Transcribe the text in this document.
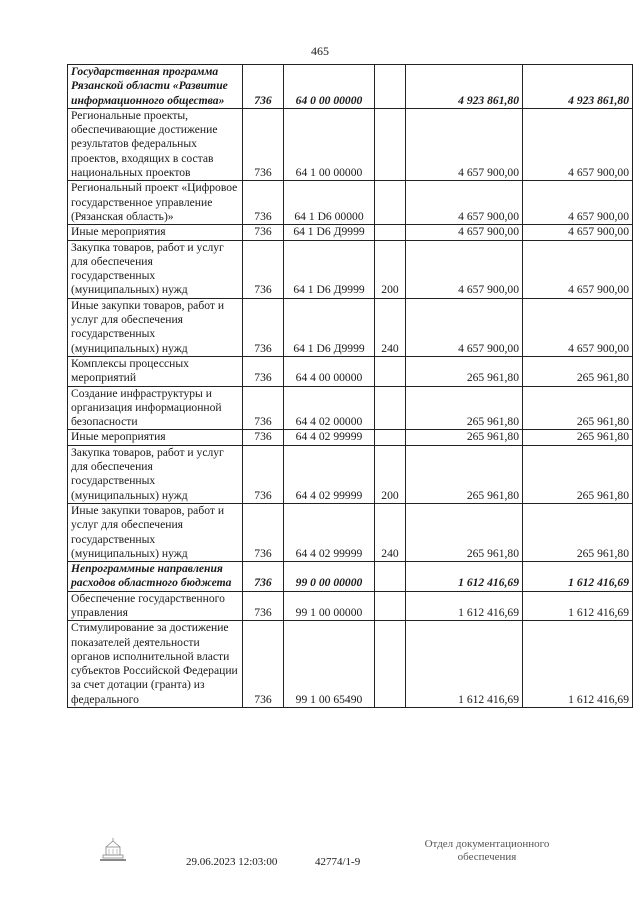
465
Государственная программа Рязанской области «Развитие информационного общества»	736	64 0 00 00000		4 923 861,80	4 923 861,80
Региональные проекты, обеспечивающие достижение результатов федеральных проектов, входящих в состав национальных проектов	736	64 1 00 00000		4 657 900,00	4 657 900,00
Региональный проект «Цифровое государственное управление (Рязанская область)»	736	64 1 D6 00000		4 657 900,00	4 657 900,00
Иные мероприятия	736	64 1 D6 Д9999		4 657 900,00	4 657 900,00
Закупка товаров, работ и услуг для обеспечения государственных (муниципальных) нужд	736	64 1 D6 Д9999	200	4 657 900,00	4 657 900,00
Иные закупки товаров, работ и услуг для обеспечения государственных (муниципальных) нужд	736	64 1 D6 Д9999	240	4 657 900,00	4 657 900,00
Комплексы процессных мероприятий	736	64 4 00 00000		265 961,80	265 961,80
Создание инфраструктуры и организация информационной безопасности	736	64 4 02 00000		265 961,80	265 961,80
Иные мероприятия	736	64 4 02 99999		265 961,80	265 961,80
Закупка товаров, работ и услуг для обеспечения государственных (муниципальных) нужд	736	64 4 02 99999	200	265 961,80	265 961,80
Иные закупки товаров, работ и услуг для обеспечения государственных (муниципальных) нужд	736	64 4 02 99999	240	265 961,80	265 961,80
Непрограммные направления расходов областного бюджета	736	99 0 00 00000		1 612 416,69	1 612 416,69
Обеспечение государственного управления	736	99 1 00 00000		1 612 416,69	1 612 416,69
Стимулирование за достижение показателей деятельности органов исполнительной власти субъектов Российской Федерации за счет дотации (гранта) из федерального	736	99 1 00 65490		1 612 416,69	1 612 416,69
29.06.2023 12:03:00	42774/1-9
Отдел документационного
обеспечения
